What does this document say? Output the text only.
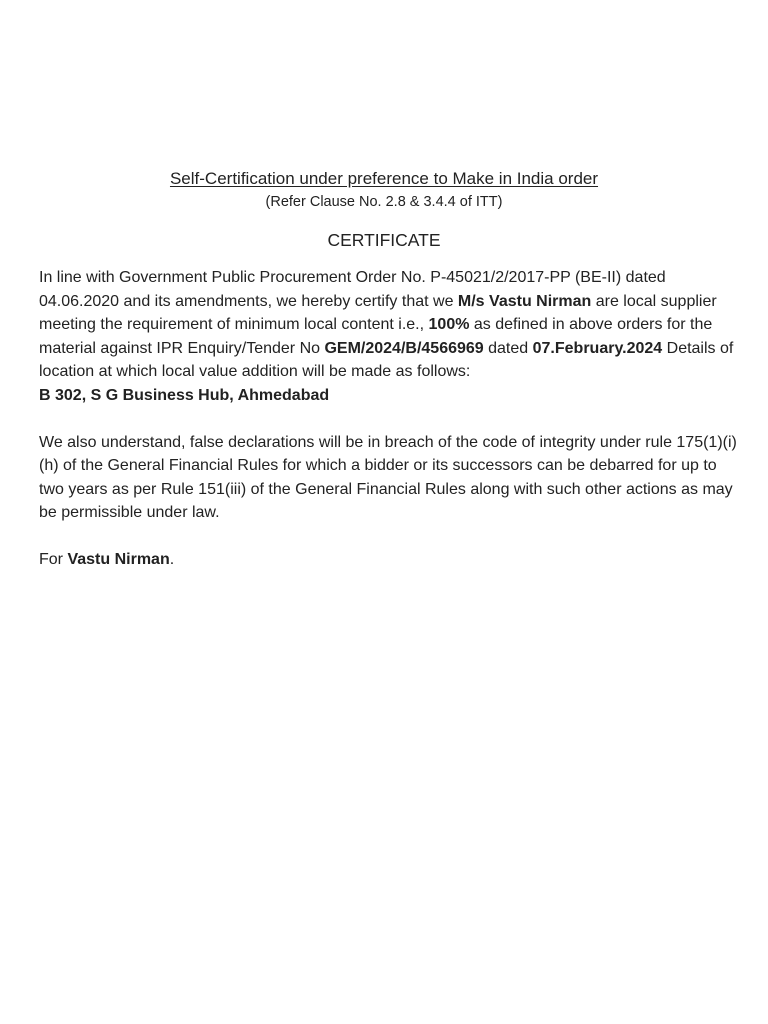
Self-Certification under preference to Make in India order
(Refer Clause No. 2.8 & 3.4.4 of ITT)
CERTIFICATE

In line with Government Public Procurement Order No. P-45021/2/2017-PP (BE-II) dated 04.06.2020 and its amendments, we hereby certify that we M/s Vastu Nirman are local supplier meeting the requirement of minimum local content i.e., 100% as defined in above orders for the material against IPR Enquiry/Tender No GEM/2024/B/4566969 dated 07.February.2024 Details of location at which local value addition will be made as follows:
B 302, S G Business Hub, Ahmedabad

We also understand, false declarations will be in breach of the code of integrity under rule 175(1)(i)(h) of the General Financial Rules for which a bidder or its successors can be debarred for up to two years as per Rule 151(iii) of the General Financial Rules along with such other actions as may be permissible under law.

For Vastu Nirman.
